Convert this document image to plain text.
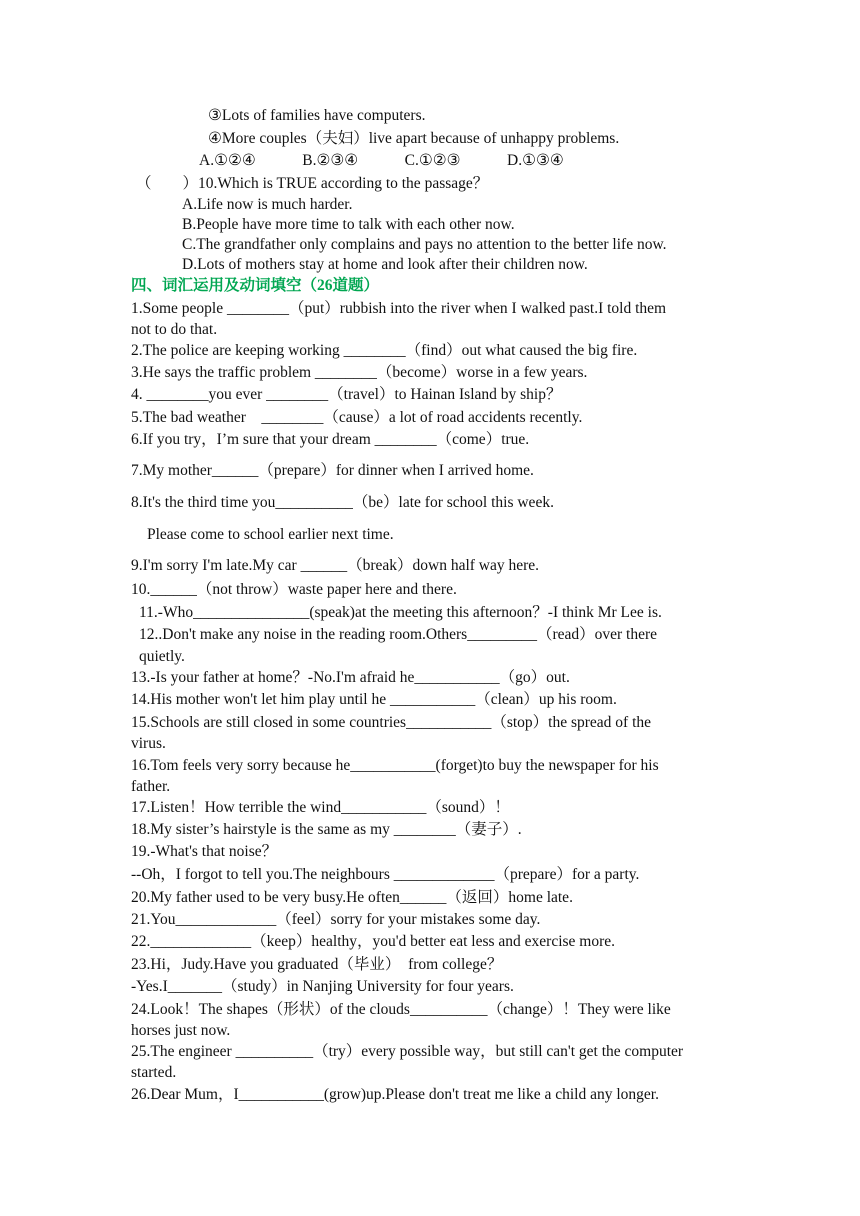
③Lots of families have computers.
④More couples（夫妇）live apart because of unhappy problems.
A.①②④　　　B.②③④　　　C.①②③　　　D.①③④
（　　）10.Which is TRUE according to the passage？
A.Life now is much harder.
B.People have more time to talk with each other now.
C.The grandfather only complains and pays no attention to the better life now.
D.Lots of mothers stay at home and look after their children now.
四、词汇运用及动词填空（26道题）
1.Some people ________（put）rubbish into the river when I walked past.I told them
not to do that.
2.The police are keeping working ________（find）out what caused the big fire.
3.He says the traffic problem ________（become）worse in a few years.
4. ________you ever ________（travel）to Hainan Island by ship？
5.The bad weather　________（cause）a lot of road accidents recently.
6.If you try，I’m sure that your dream ________（come）true.
7.My mother______（prepare）for dinner when I arrived home.
8.It's the third time you__________（be）late for school this week.
Please come to school earlier next time.
9.I'm sorry I'm late.My car ______（break）down half way here.
10.______（not throw）waste paper here and there.
11.-Who_______________(speak)at the meeting this afternoon？-I think Mr Lee is.
12..Don't make any noise in the reading room.Others_________（read）over there
quietly.
13.-Is your father at home？-No.I'm afraid he___________（go）out.
14.His mother won't let him play until he ___________（clean）up his room.
15.Schools are still closed in some countries___________（stop）the spread of the
virus.
16.Tom feels very sorry because he___________(forget)to buy the newspaper for his
father.
17.Listen！How terrible the wind___________（sound）！
18.My sister’s hairstyle is the same as my ________（妻子）.
19.-What's that noise？
--Oh，I forgot to tell you.The neighbours _____________（prepare）for a party.
20.My father used to be very busy.He often______（返回）home late.
21.You_____________（feel）sorry for your mistakes some day.
22._____________（keep）healthy，you'd better eat less and exercise more.
23.Hi，Judy.Have you graduated（毕业）　from college？
-Yes.I_______（study）in Nanjing University for four years.
24.Look！The shapes（形状）of the clouds__________（change）！They were like
horses just now.
25.The engineer __________（try）every possible way，but still can't get the computer
started.
26.Dear Mum，I___________(grow)up.Please don't treat me like a child any longer.
